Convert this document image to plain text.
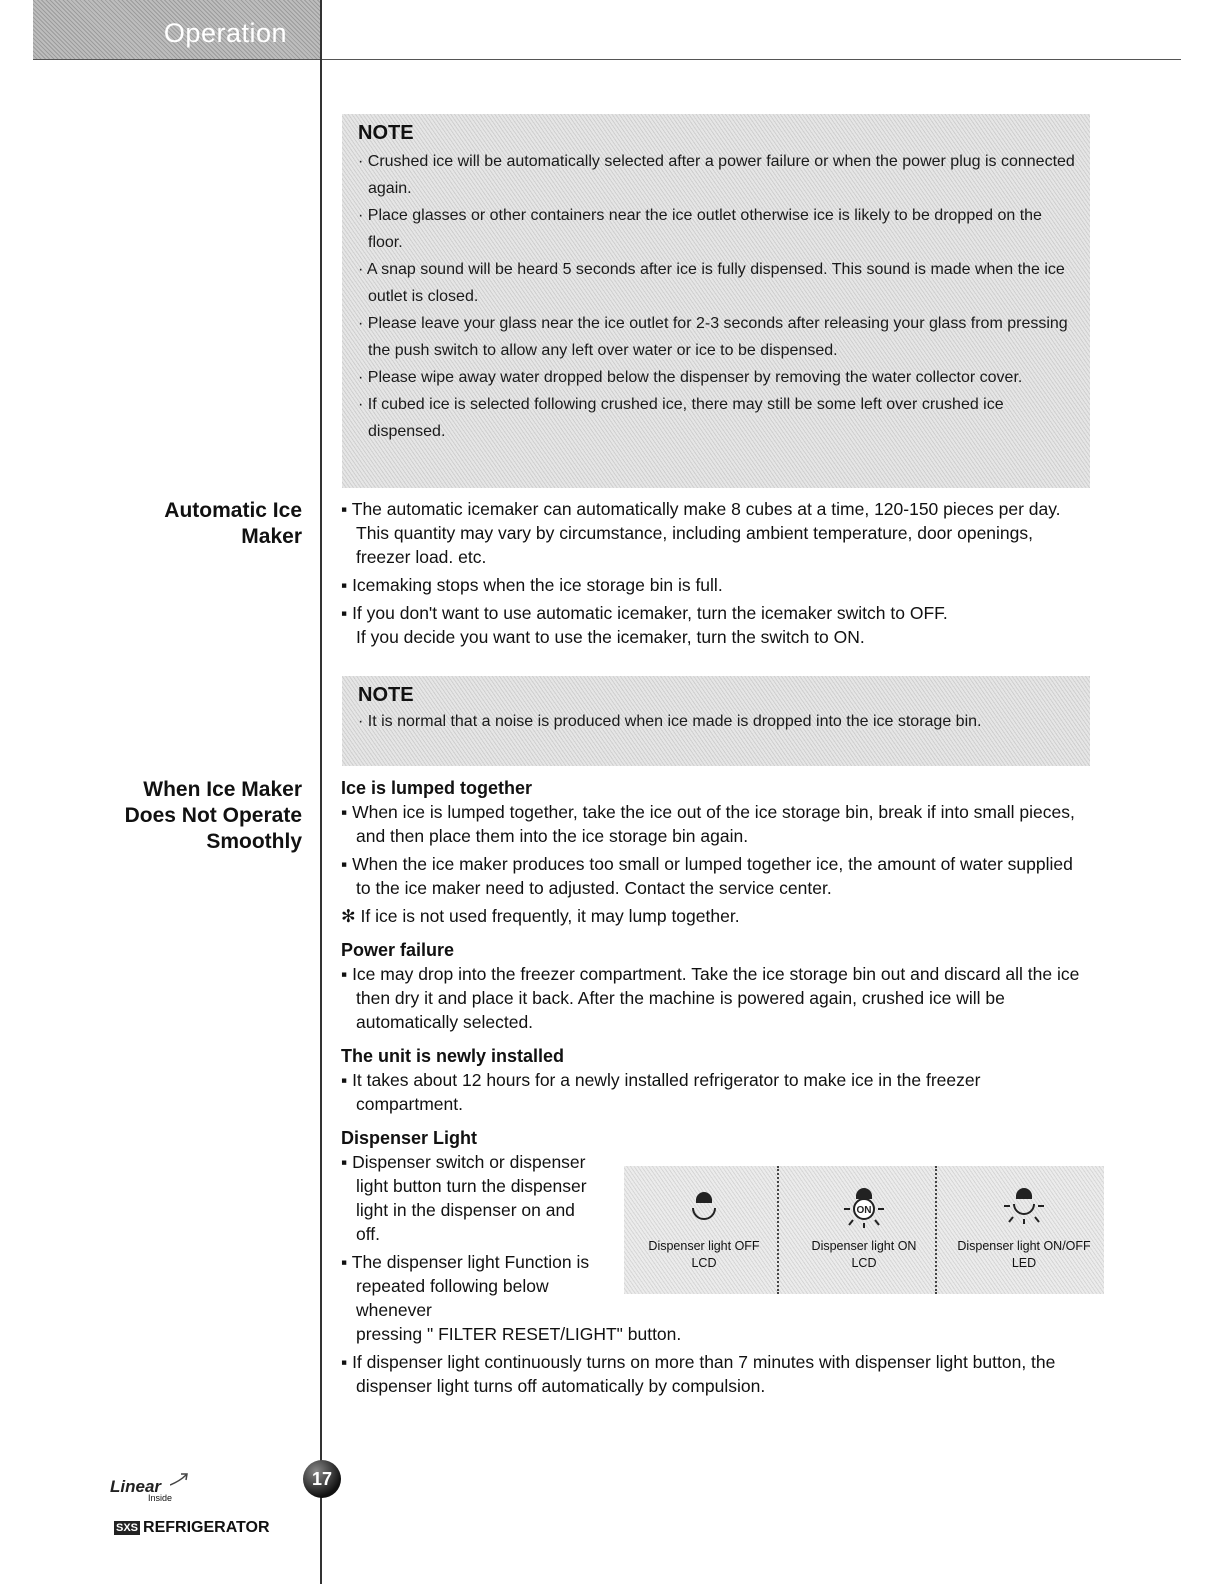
Operation
NOTE
· Crushed ice will be automatically selected after a power failure or when the power plug is connected again.
· Place glasses or other containers near the ice outlet otherwise ice is likely to be dropped on the floor.
· A snap sound will be heard 5 seconds after ice is fully dispensed. This sound is made when the ice outlet is closed.
· Please leave your glass near the ice outlet for 2-3 seconds after releasing your glass from pressing the push switch to allow any left over water or ice to be dispensed.
· Please wipe away water dropped below the dispenser by removing the water collector cover.
· If cubed ice is selected following crushed ice, there may still be some left over crushed ice dispensed.
Automatic Ice Maker
▪ The automatic icemaker can automatically make 8 cubes at a time, 120-150 pieces per day. This quantity may vary by circumstance, including ambient temperature, door openings, freezer load. etc.
▪ Icemaking stops when the ice storage bin is full.
▪ If you don't want to use automatic icemaker, turn the icemaker switch to OFF.
If you decide you want to use the icemaker, turn the switch to ON.
NOTE
· It is normal that a noise is produced when ice made is dropped into the ice storage bin.
When Ice Maker Does Not Operate Smoothly
Ice is lumped together
▪ When ice is lumped together, take the ice out of the ice storage bin, break if into small pieces, and then place them into the ice storage bin again.
▪ When the ice maker produces too small or lumped together ice, the amount of water supplied to the ice maker need to adjusted. Contact the service center.
✻ If ice is not used frequently, it may lump together.
Power failure
▪ Ice may drop into the freezer compartment. Take the ice storage bin out and discard all the ice then dry it and place it back. After the machine is powered again, crushed ice will be automatically selected.
The unit is newly installed
▪ It takes about 12 hours for a newly installed refrigerator to make ice in the freezer compartment.
Dispenser Light
▪ Dispenser switch or dispenser light button turn the dispenser light in the dispenser on and off.
▪ The dispenser light Function is repeated following below whenever
pressing " FILTER RESET/LIGHT" button.
▪ If dispenser light continuously turns on more than 7 minutes with dispenser light button, the dispenser light turns off automatically by compulsion.
Dispenser light OFF
LCD
ON
Dispenser light ON
LCD
Dispenser light ON/OFF
LED
17
Linear
Inside
SXS REFRIGERATOR
